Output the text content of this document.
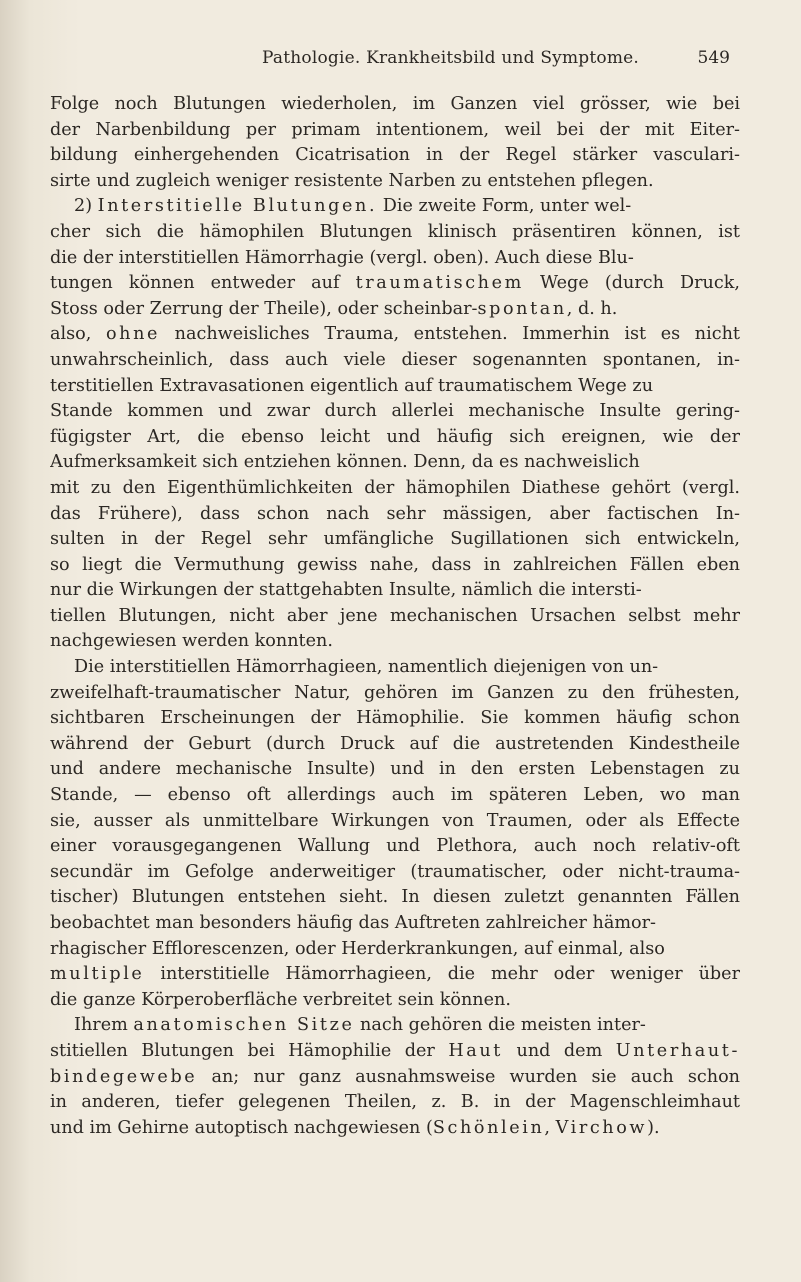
Pathologie. Krankheitsbild und Symptome.	549
Folge noch Blutungen wiederholen, im Ganzen viel grösser, wie bei
der Narbenbildung per primam intentionem, weil bei der mit Eiter-
bildung einhergehenden Cicatrisation in der Regel stärker vasculari-
sirte und zugleich weniger resistente Narben zu entstehen pflegen.
2) Interstitielle Blutungen. Die zweite Form, unter wel-
cher sich die hämophilen Blutungen klinisch präsentiren können, ist
die der interstitiellen Hämorrhagie (vergl. oben). Auch diese Blu-
tungen können entweder auf traumatischem Wege (durch Druck,
Stoss oder Zerrung der Theile), oder scheinbar-spontan, d. h.
also, ohne nachweisliches Trauma, entstehen. Immerhin ist es nicht
unwahrscheinlich, dass auch viele dieser sogenannten spontanen, in-
terstitiellen Extravasationen eigentlich auf traumatischem Wege zu
Stande kommen und zwar durch allerlei mechanische Insulte gering-
fügigster Art, die ebenso leicht und häufig sich ereignen, wie der
Aufmerksamkeit sich entziehen können. Denn, da es nachweislich
mit zu den Eigenthümlichkeiten der hämophilen Diathese gehört (vergl.
das Frühere), dass schon nach sehr mässigen, aber factischen In-
sulten in der Regel sehr umfängliche Sugillationen sich entwickeln,
so liegt die Vermuthung gewiss nahe, dass in zahlreichen Fällen eben
nur die Wirkungen der stattgehabten Insulte, nämlich die intersti-
tiellen Blutungen, nicht aber jene mechanischen Ursachen selbst mehr
nachgewiesen werden konnten.
Die interstitiellen Hämorrhagieen, namentlich diejenigen von un-
zweifelhaft-traumatischer Natur, gehören im Ganzen zu den frühesten,
sichtbaren Erscheinungen der Hämophilie. Sie kommen häufig schon
während der Geburt (durch Druck auf die austretenden Kindestheile
und andere mechanische Insulte) und in den ersten Lebenstagen zu
Stande, — ebenso oft allerdings auch im späteren Leben, wo man
sie, ausser als unmittelbare Wirkungen von Traumen, oder als Effecte
einer vorausgegangenen Wallung und Plethora, auch noch relativ-oft
secundär im Gefolge anderweitiger (traumatischer, oder nicht-trauma-
tischer) Blutungen entstehen sieht. In diesen zuletzt genannten Fällen
beobachtet man besonders häufig das Auftreten zahlreicher hämor-
rhagischer Efflorescenzen, oder Herderkrankungen, auf einmal, also
multiple interstitielle Hämorrhagieen, die mehr oder weniger über
die ganze Körperoberfläche verbreitet sein können.
Ihrem anatomischen Sitze nach gehören die meisten inter-
stitiellen Blutungen bei Hämophilie der Haut und dem Unterhaut-
bindegewebe an; nur ganz ausnahmsweise wurden sie auch schon
in anderen, tiefer gelegenen Theilen, z. B. in der Magenschleimhaut
und im Gehirne autoptisch nachgewiesen (Schönlein, Virchow).
